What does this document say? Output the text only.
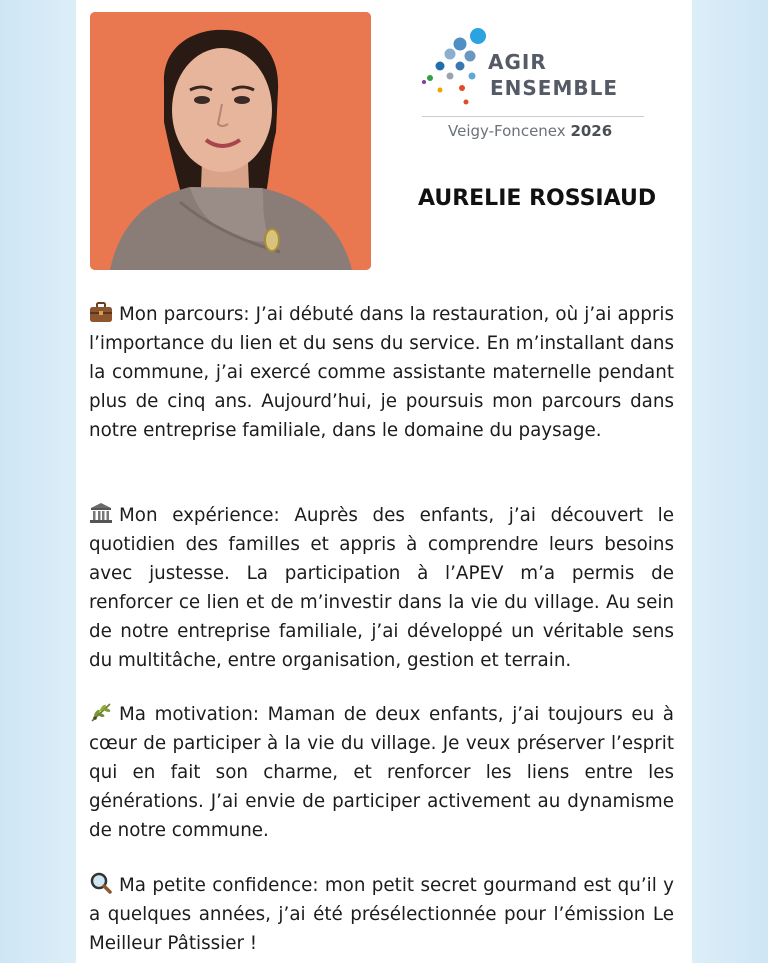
AGIR
ENSEMBLE
Veigy-Foncenex 2026
AURELIE ROSSIAUD
Mon parcours: J’ai débuté dans la restauration, où j’ai appris l’importance du lien et du sens du service. En m’installant dans la commune, j’ai exercé comme assistante maternelle pendant plus de cinq ans. Aujourd’hui, je poursuis mon parcours dans notre entreprise familiale, dans le domaine du paysage.
Mon expérience: Auprès des enfants, j’ai découvert le quotidien des familles et appris à comprendre leurs besoins avec justesse. La participation à l’APEV m’a permis de renforcer ce lien et de m’investir dans la vie du village. Au sein de notre entreprise familiale, j’ai développé un véritable sens du multitâche, entre organisation, gestion et terrain.
Ma motivation: Maman de deux enfants, j’ai toujours eu à cœur de participer à la vie du village. Je veux préserver l’esprit qui en fait son charme, et renforcer les liens entre les générations. J’ai envie de participer activement au dynamisme de notre commune.
Ma petite confidence: mon petit secret gourmand est qu’il y a quelques années, j’ai été présélectionnée pour l’émission Le Meilleur Pâtissier !
